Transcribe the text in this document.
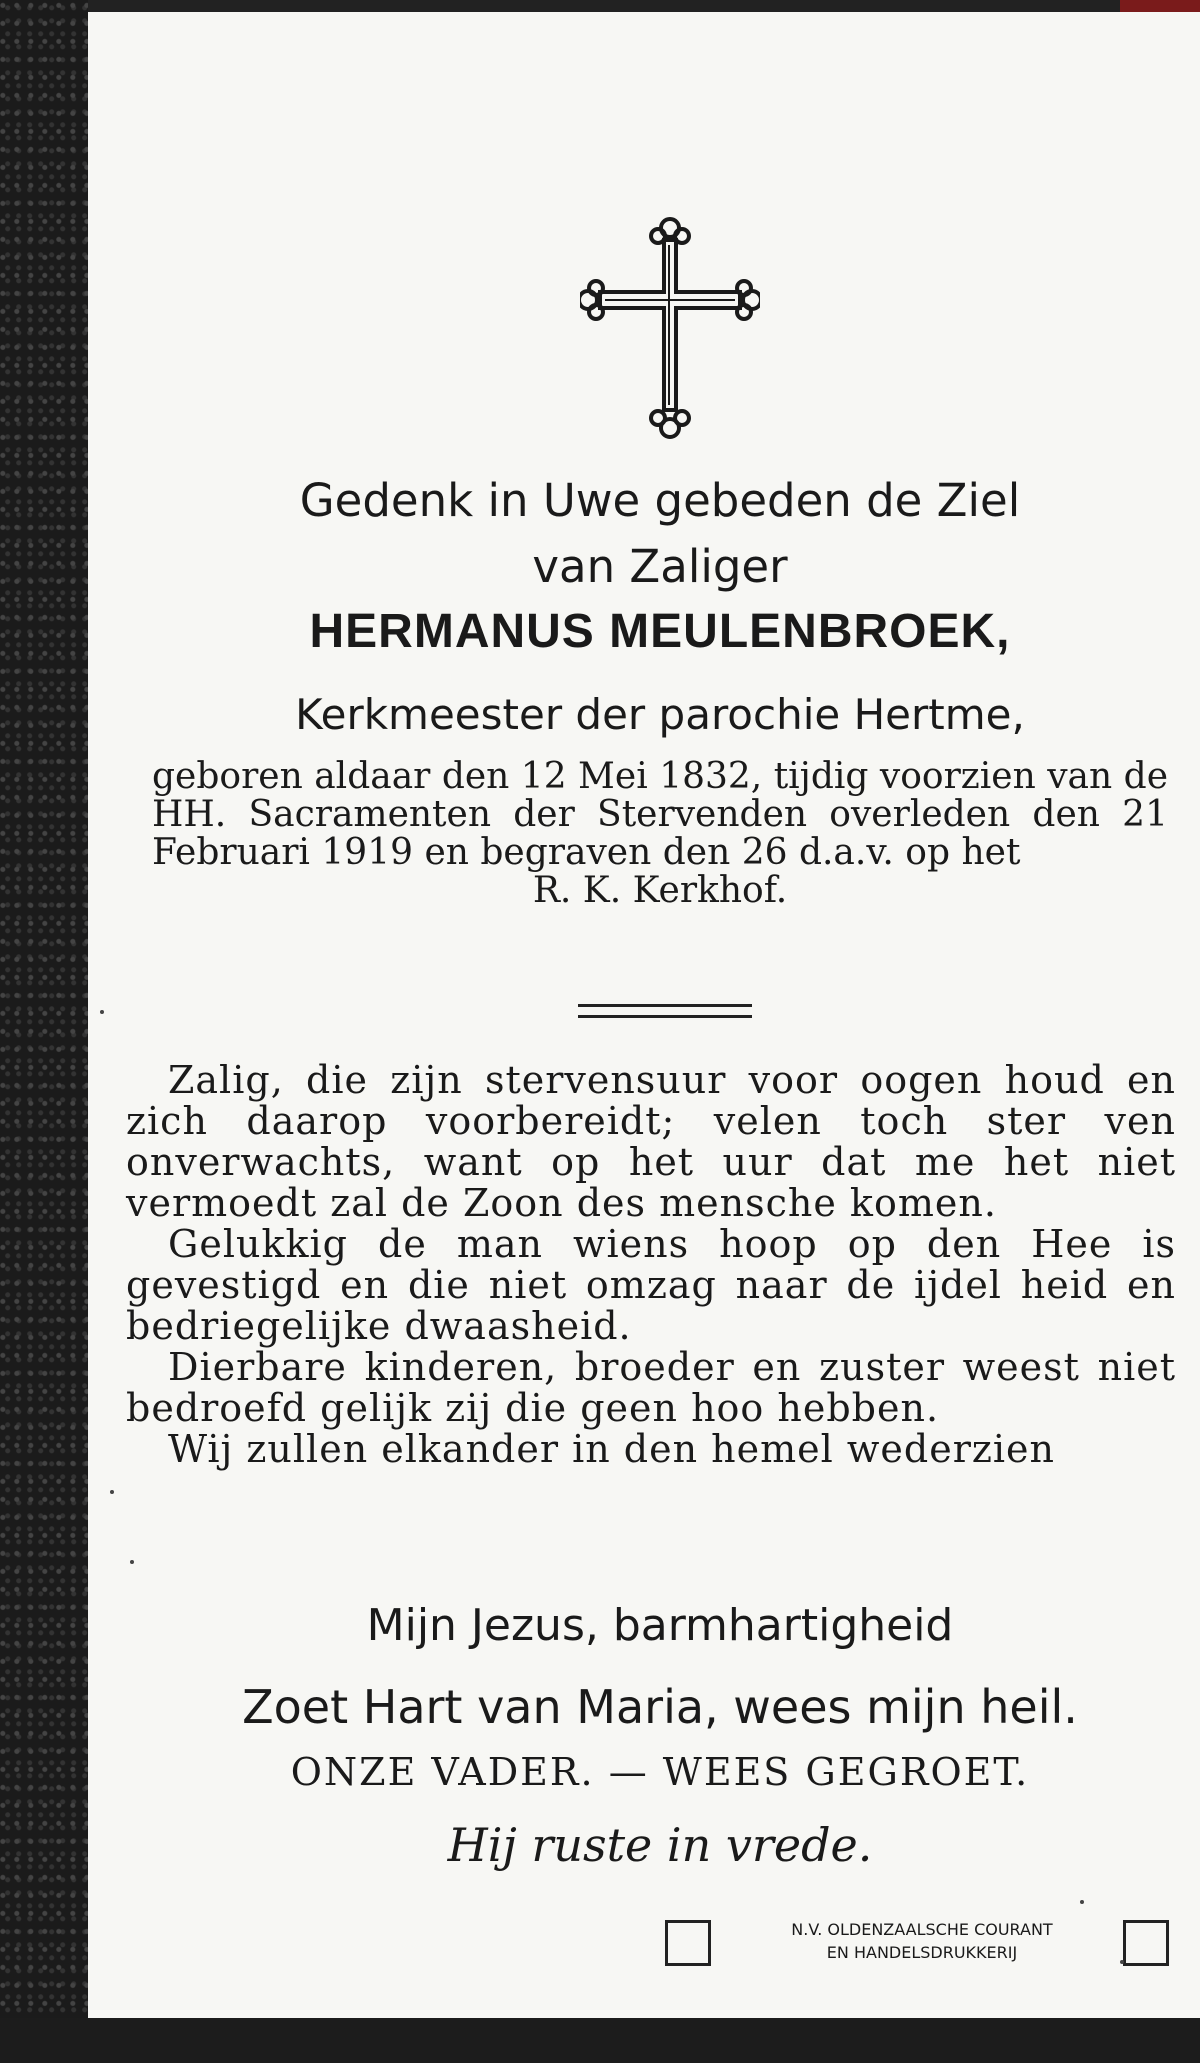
Gedenk in Uwe gebeden de Ziel
van Zaliger
HERMANUS MEULENBROEK,
Kerkmeester der parochie Hertme,
geboren aldaar den 12 Mei 1832, tijdig voorzien van de HH. Sacramenten der Stervenden overleden den 21 Februari 1919 en begraven den 26 d.a.v. op het
R. K. Kerkhof.

Zalig, die zijn stervensuur voor oogen houd en zich daarop voorbereidt; velen toch ster ven onverwachts, want op het uur dat me het niet vermoedt zal de Zoon des mensche komen.

Gelukkig de man wiens hoop op den Hee is gevestigd en die niet omzag naar de ijdel heid en bedriegelijke dwaasheid.

Dierbare kinderen, broeder en zuster weest niet bedroefd gelijk zij die geen hoo hebben.

Wij zullen elkander in den hemel wederzien

Mijn Jezus, barmhartigheid
Zoet Hart van Maria, wees mijn heil.
ONZE VADER. — WEES GEGROET.
Hij ruste in vrede.
N.V. OLDENZAALSCHE COURANT
EN HANDELSDRUKKERIJ
